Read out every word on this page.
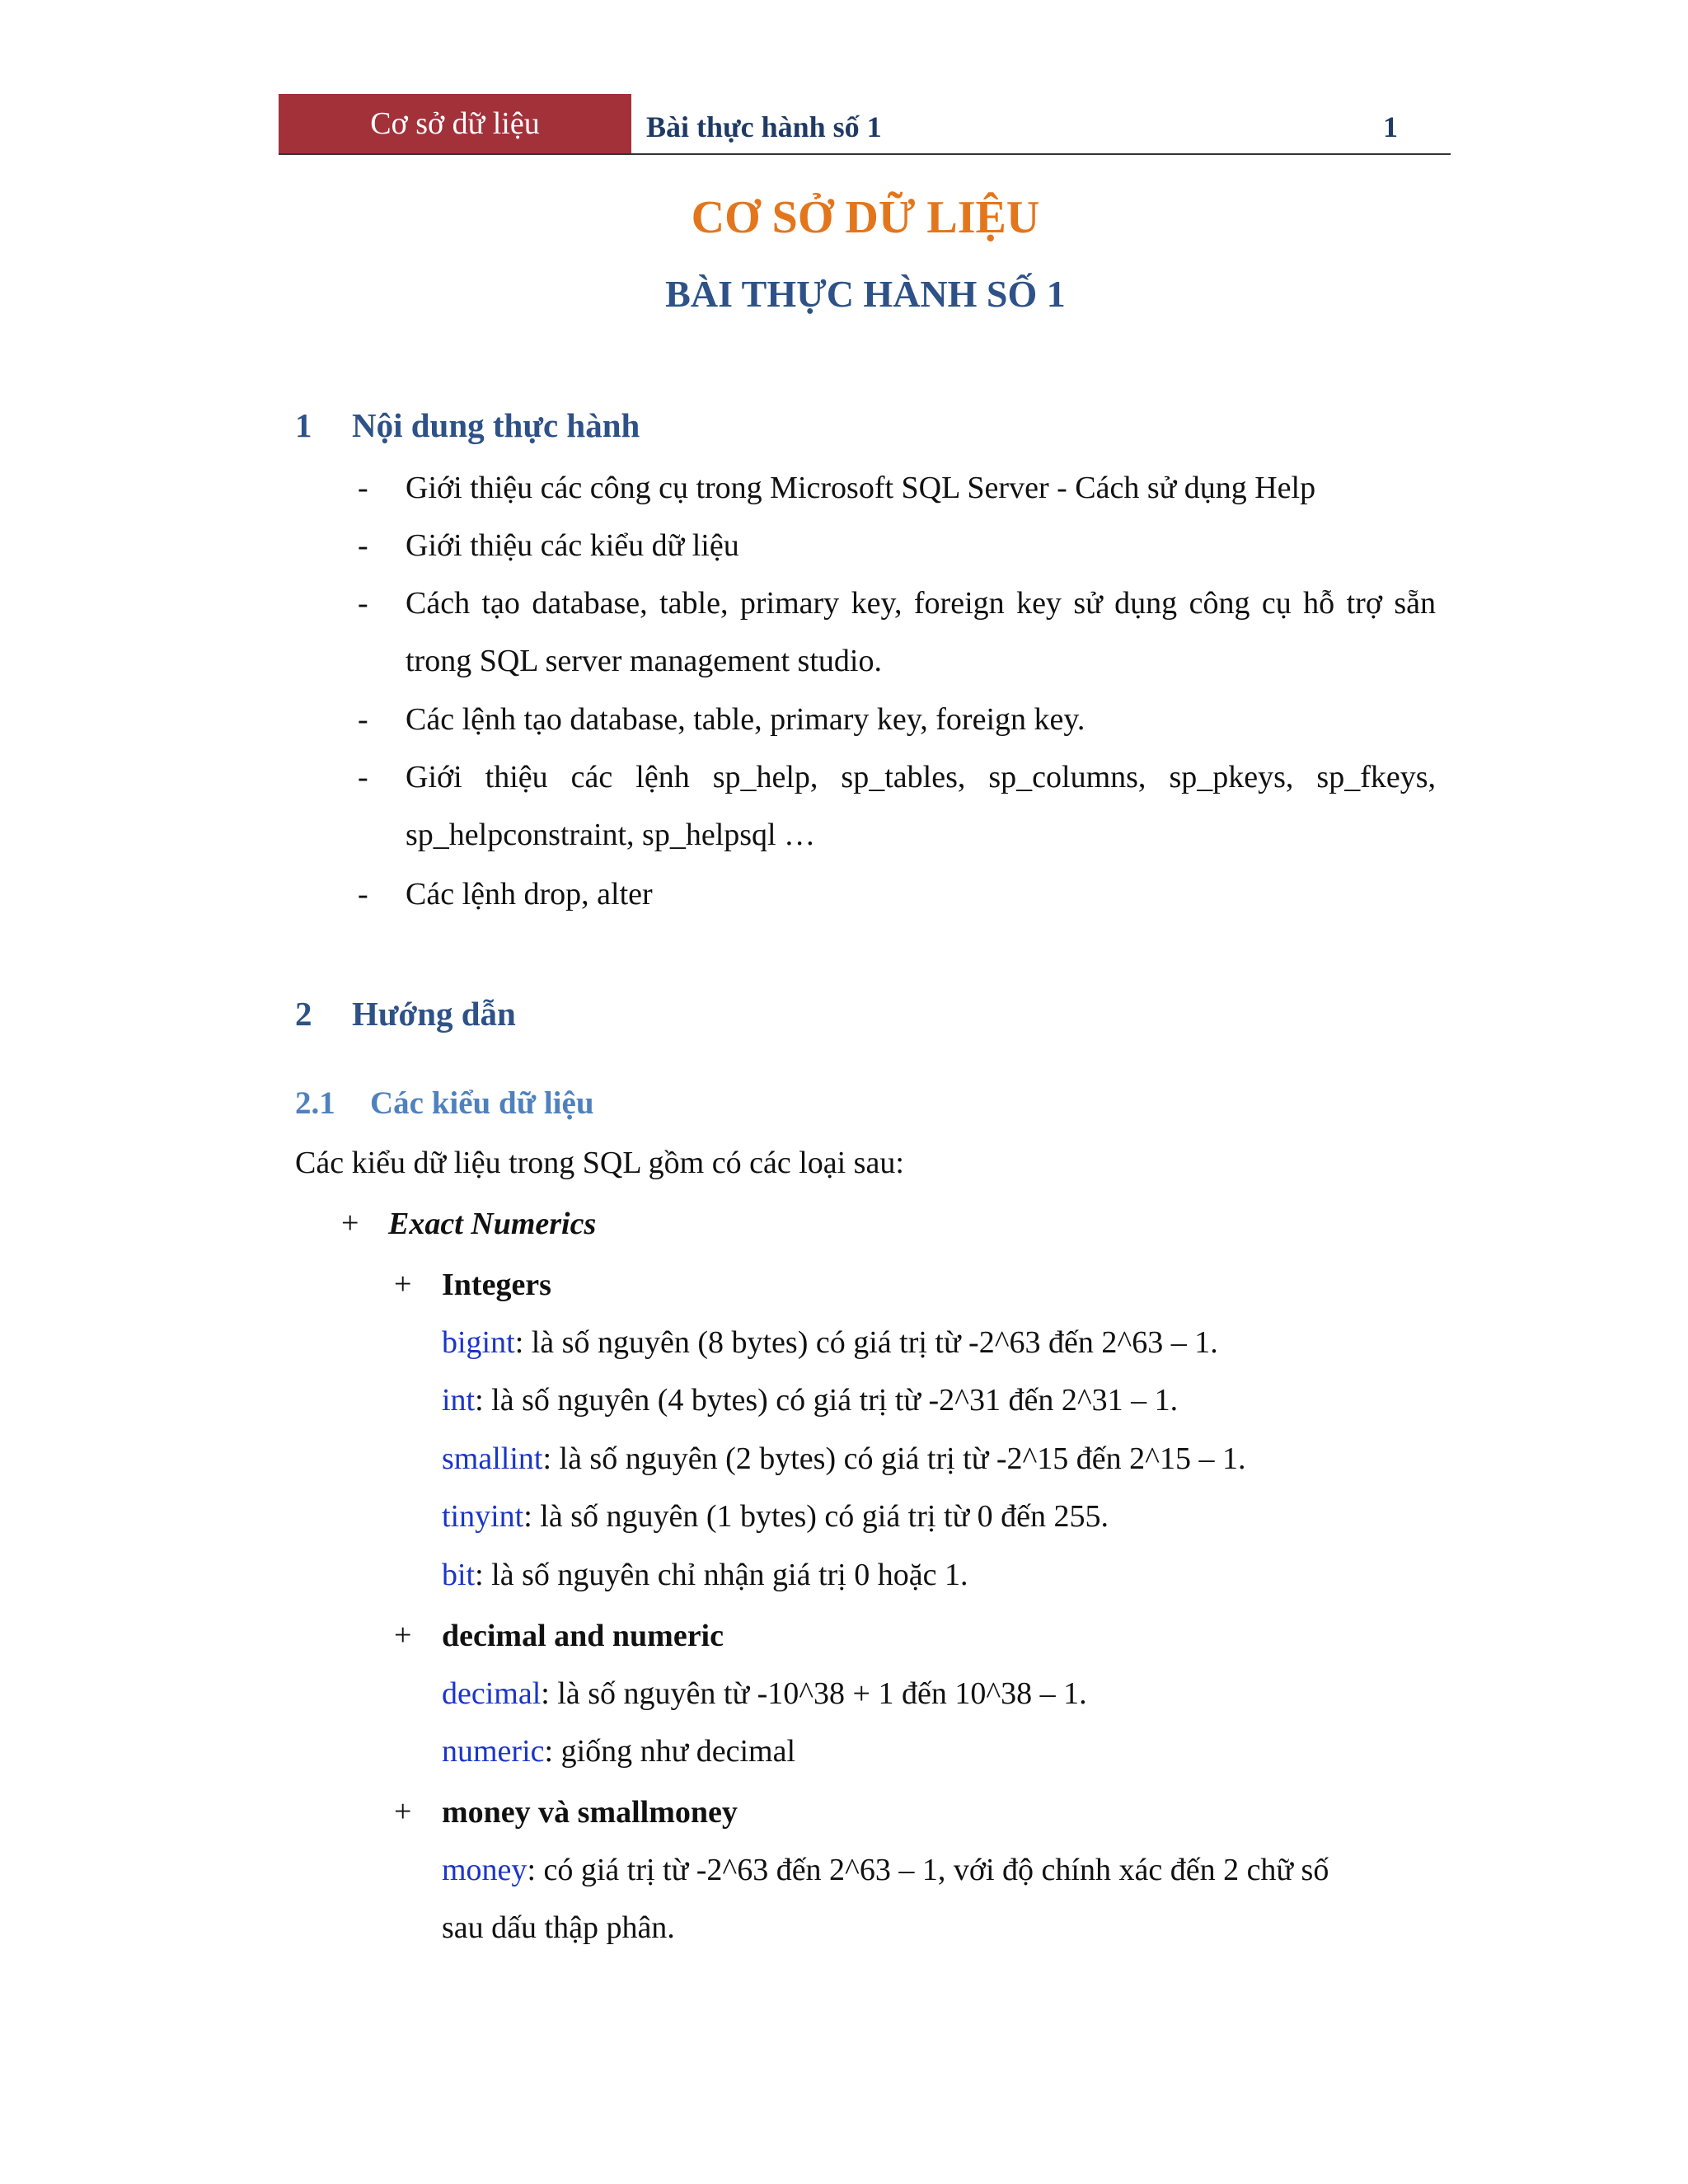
Cơ sở dữ liệu	Bài thực hành số 1	1
CƠ SỞ DỮ LIỆU
BÀI THỰC HÀNH SỐ 1
1 Nội dung thực hành
- Giới thiệu các công cụ trong Microsoft SQL Server - Cách sử dụng Help
- Giới thiệu các kiểu dữ liệu
- Cách tạo database, table, primary key, foreign key sử dụng công cụ hỗ trợ sẵn trong SQL server management studio.
- Các lệnh tạo database, table, primary key, foreign key.
- Giới thiệu các lệnh sp_help, sp_tables, sp_columns, sp_pkeys, sp_fkeys, sp_helpconstraint, sp_helpsql …
- Các lệnh drop, alter
2 Hướng dẫn
2.1 Các kiểu dữ liệu
Các kiểu dữ liệu trong SQL gồm có các loại sau:
+ Exact Numerics
+ Integers
bigint: là số nguyên (8 bytes) có giá trị từ -2^63 đến 2^63 – 1.
int: là số nguyên (4 bytes) có giá trị từ -2^31 đến 2^31 – 1.
smallint: là số nguyên (2 bytes) có giá trị từ -2^15 đến 2^15 – 1.
tinyint: là số nguyên (1 bytes) có giá trị từ 0 đến 255.
bit: là số nguyên chỉ nhận giá trị 0 hoặc 1.
+ decimal and numeric
decimal: là số nguyên từ -10^38 + 1 đến 10^38 – 1.
numeric: giống như decimal
+ money và smallmoney
money: có giá trị từ -2^63 đến 2^63 – 1, với độ chính xác đến 2 chữ số
sau dấu thập phân.
